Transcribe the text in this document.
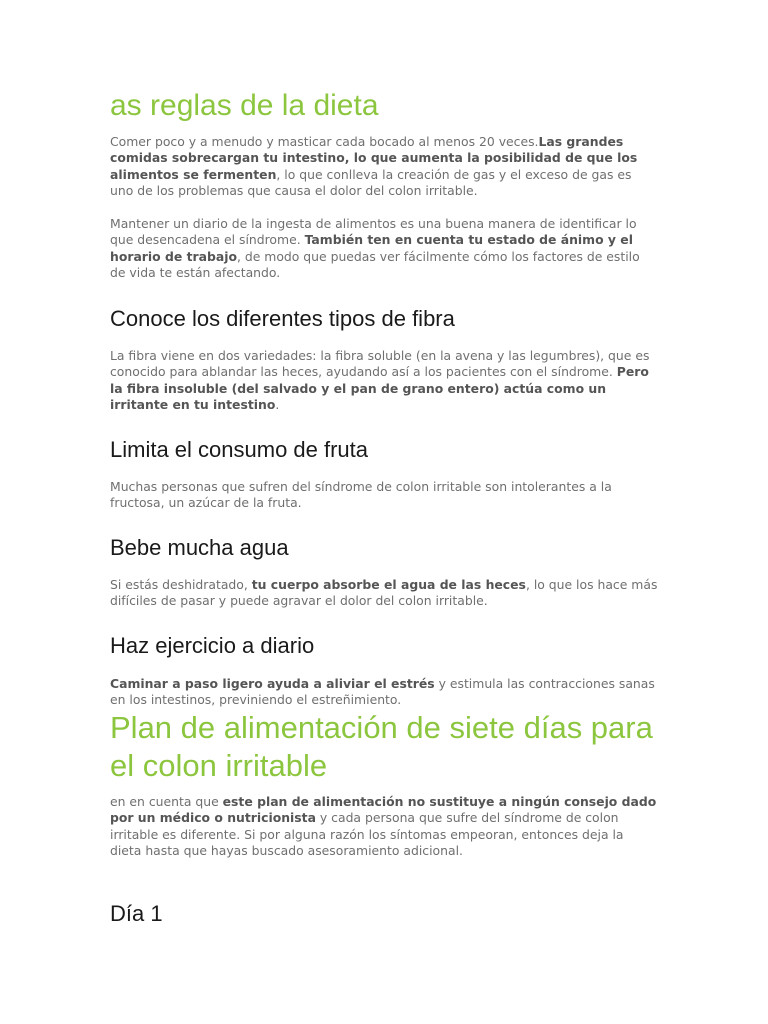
as reglas de la dieta

Comer poco y a menudo y masticar cada bocado al menos 20 veces.Las grandes comidas sobrecargan tu intestino, lo que aumenta la posibilidad de que los alimentos se fermenten, lo que conlleva la creación de gas y el exceso de gas es uno de los problemas que causa el dolor del colon irritable.

Mantener un diario de la ingesta de alimentos es una buena manera de identificar lo que desencadena el síndrome. También ten en cuenta tu estado de ánimo y el horario de trabajo, de modo que puedas ver fácilmente cómo los factores de estilo de vida te están afectando.

Conoce los diferentes tipos de fibra

La fibra viene en dos variedades: la fibra soluble (en la avena y las legumbres), que es conocido para ablandar las heces, ayudando así a los pacientes con el síndrome. Pero la fibra insoluble (del salvado y el pan de grano entero) actúa como un irritante en tu intestino.

Limita el consumo de fruta

Muchas personas que sufren del síndrome de colon irritable son intolerantes a la fructosa, un azúcar de la fruta.

Bebe mucha agua

Si estás deshidratado, tu cuerpo absorbe el agua de las heces, lo que los hace más difíciles de pasar y puede agravar el dolor del colon irritable.

Haz ejercicio a diario

Caminar a paso ligero ayuda a aliviar el estrés y estimula las contracciones sanas en los intestinos, previniendo el estreñimiento.

Plan de alimentación de siete días para el colon irritable

en en cuenta que este plan de alimentación no sustituye a ningún consejo dado por un médico o nutricionista y cada persona que sufre del síndrome de colon irritable es diferente. Si por alguna razón los síntomas empeoran, entonces deja la dieta hasta que hayas buscado asesoramiento adicional.

Día 1
